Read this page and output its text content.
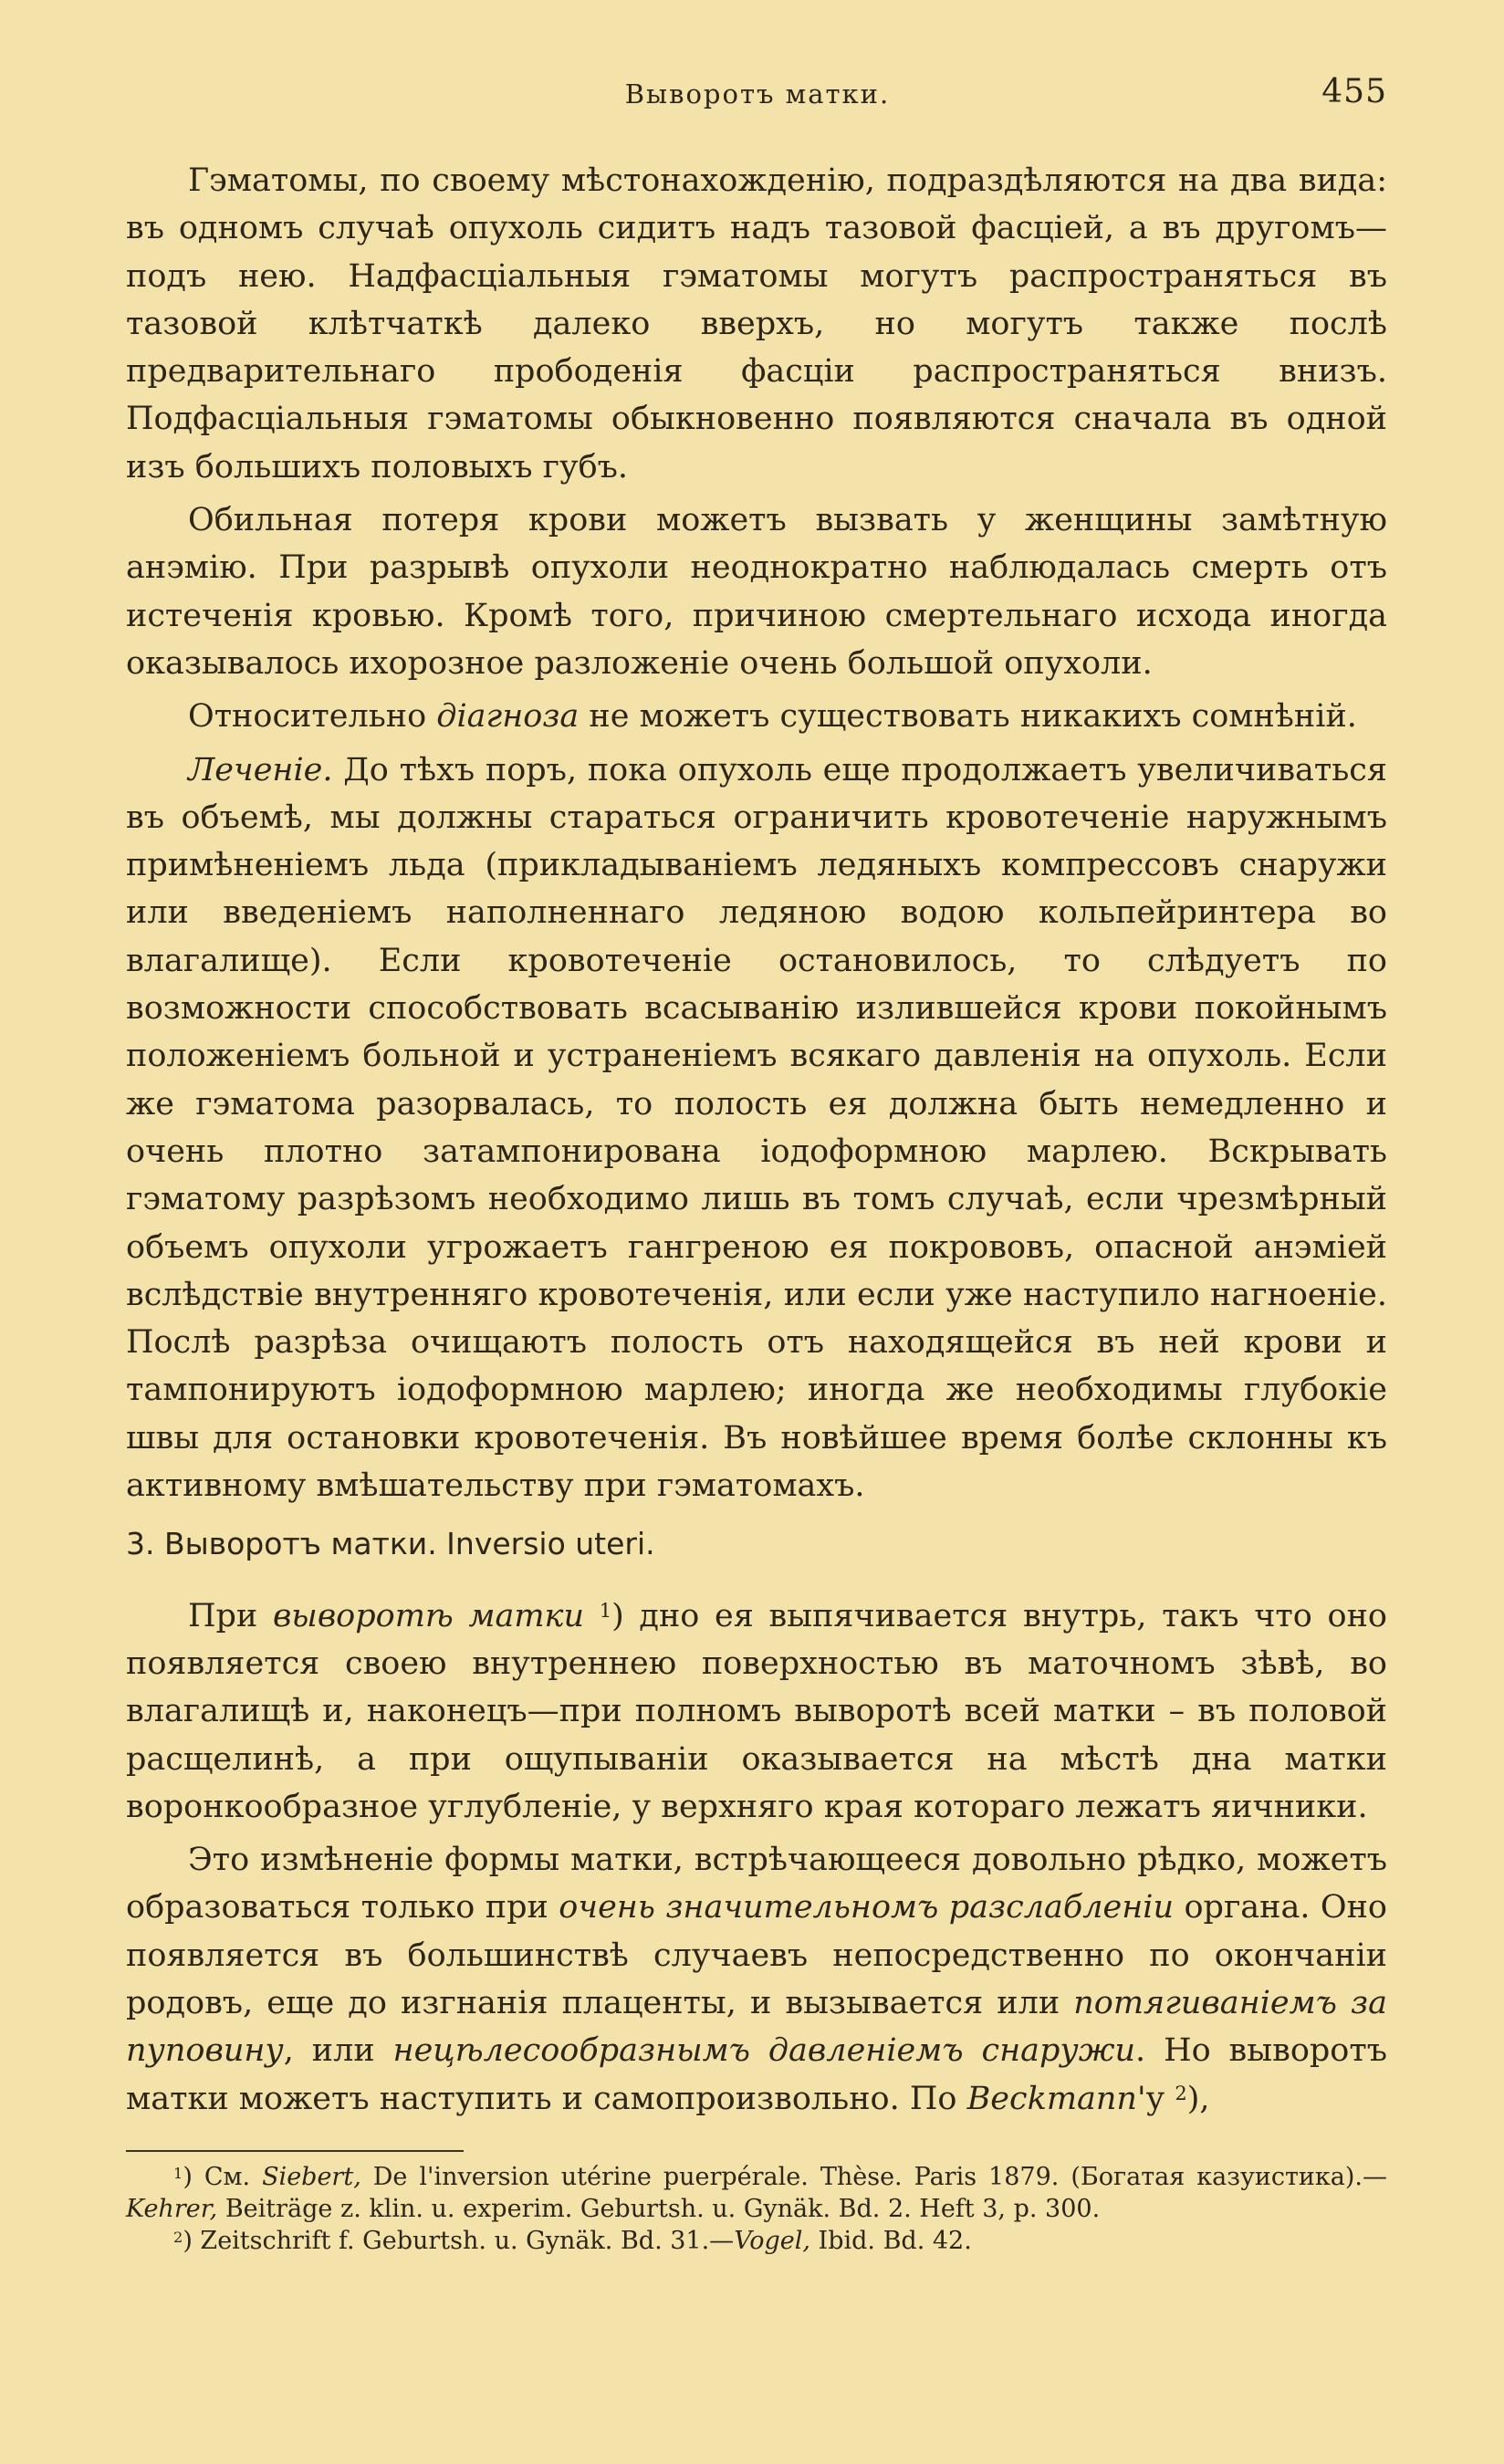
Выворотъ матки.	455

Гэматомы, по своему мѣстонахожденію, подраздѣляются на два вида: въ одномъ случаѣ опухоль сидитъ надъ тазовой фасціей, а въ другомъ—подъ нею. Надфасціальныя гэматомы могутъ распространяться въ тазовой клѣтчаткѣ далеко вверхъ, но могутъ также послѣ предварительнаго прободенія фасціи распространяться внизъ. Подфасціальныя гэматомы обыкновенно появляются сначала въ одной изъ большихъ половыхъ губъ.

Обильная потеря крови можетъ вызвать у женщины замѣтную анэмію. При разрывѣ опухоли неоднократно наблюдалась смерть отъ истеченія кровью. Кромѣ того, причиною смертельнаго исхода иногда оказывалось ихорозное разложеніе очень большой опухоли.

Относительно діагноза не можетъ существовать никакихъ сомнѣній.

Леченіе. До тѣхъ поръ, пока опухоль еще продолжаетъ увеличиваться въ объемѣ, мы должны стараться ограничить кровотеченіе наружнымъ примѣненіемъ льда (прикладываніемъ ледяныхъ компрессовъ снаружи или введеніемъ наполненнаго ледяною водою кольпейринтера во влагалище). Если кровотеченіе остановилось, то слѣдуетъ по возможности способствовать всасыванію излившейся крови покойнымъ положеніемъ больной и устраненіемъ всякаго давленія на опухоль. Если же гэматома разорвалась, то полость ея должна быть немедленно и очень плотно затампонирована іодоформною марлею. Вскрывать гэматому разрѣзомъ необходимо лишь въ томъ случаѣ, если чрезмѣрный объемъ опухоли угрожаетъ гангреною ея покрововъ, опасной анэміей вслѣдствіе внутренняго кровотеченія, или если уже наступило нагноеніе. Послѣ разрѣза очищаютъ полость отъ находящейся въ ней крови и тампонируютъ іодоформною марлею; иногда же необходимы глубокіе швы для остановки кровотеченія. Въ новѣйшее время болѣе склонны къ активному вмѣшательству при гэматомахъ.

3. Выворотъ матки. Inversio uteri.

При выворотѣ матки $^1$) дно ея выпячивается внутрь, такъ что оно появляется своею внутреннею поверхностью въ маточномъ зѣвѣ, во влагалищѣ и, наконецъ—при полномъ выворотѣ всей матки – въ половой расщелинѣ, а при ощупываніи оказывается на мѣстѣ дна матки воронкообразное углубленіе, у верхняго края котораго лежатъ яичники.

Это измѣненіе формы матки, встрѣчающееся довольно рѣдко, можетъ образоваться только при очень значительномъ разслабленіи органа. Оно появляется въ большинствѣ случаевъ непосредственно по окончаніи родовъ, еще до изгнанія плаценты, и вызывается или потягиваніемъ за пуповину, или нецѣлесообразнымъ давленіемъ снаружи. Но выворотъ матки можетъ наступить и самопроизвольно. По Beckmann'у $^2$),

$^1$) См. Siebert, De l'inversion utérine puerpérale. Thèse. Paris 1879. (Богатая казуистика).—Kehrer, Beiträge z. klin. u. experim. Geburtsh. u. Gynäk. Bd. 2. Heft 3, p. 300.

$^2$) Zeitschrift f. Geburtsh. u. Gynäk. Bd. 31.—Vogel, Ibid. Bd. 42.
